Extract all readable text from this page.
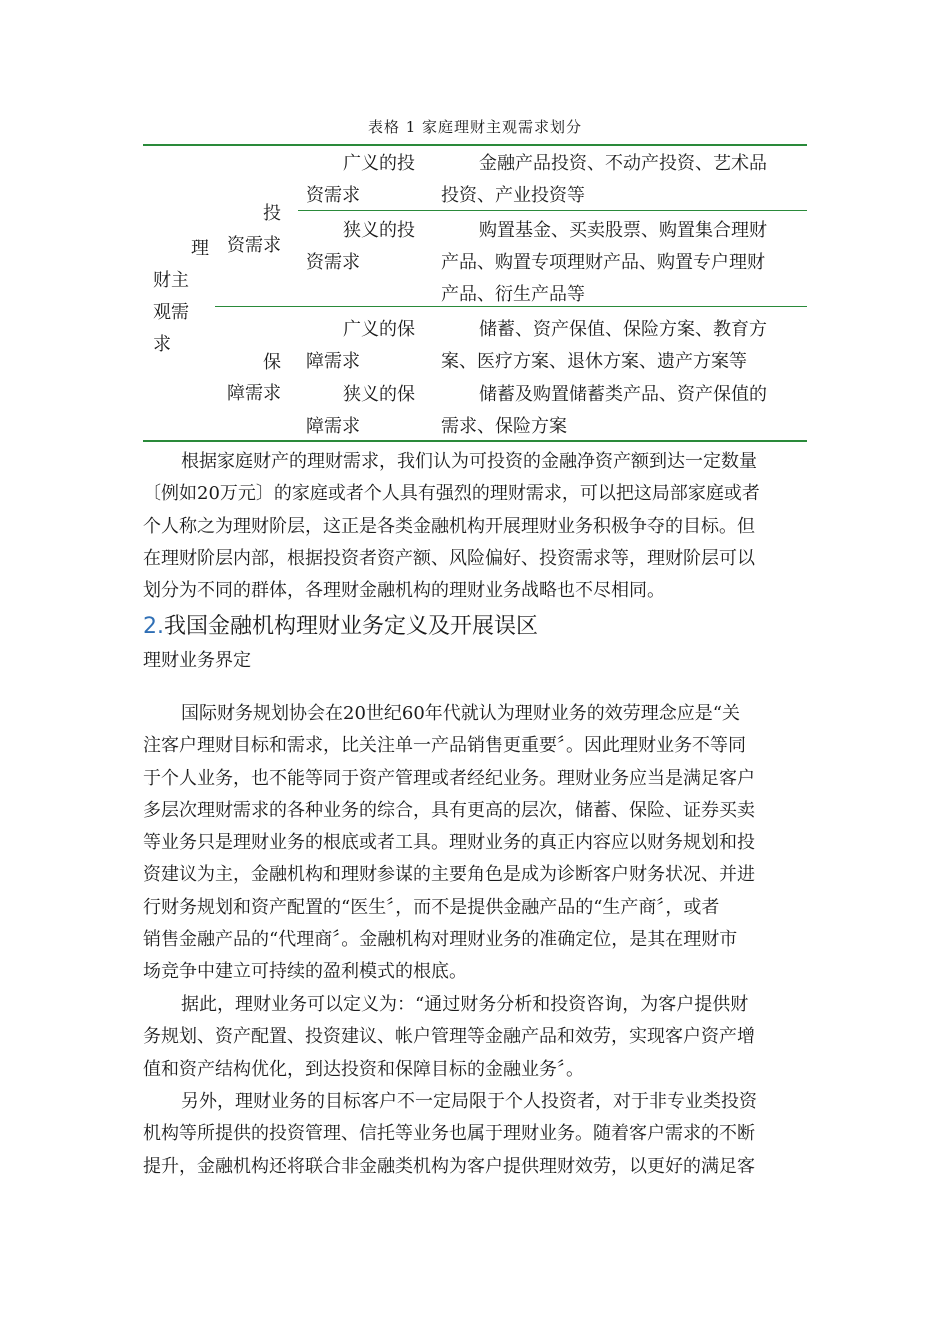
表格 1 家庭理财主观需求划分
理
财主
观需
求
投
资需求
保
障需求
广义的投
资需求
金融产品投资、不动产投资、艺术品
投资、产业投资等
狭义的投
资需求
购置基金、买卖股票、购置集合理财
产品、购置专项理财产品、购置专户理财
产品、衍生产品等
广义的保
障需求
储蓄、资产保值、保险方案、教育方
案、医疗方案、退休方案、遗产方案等
狭义的保
障需求
储蓄及购置储蓄类产品、资产保值的
需求、保险方案
根据家庭财产的理财需求，我们认为可投资的金融净资产额到达一定数量
〔例如20万元〕的家庭或者个人具有强烈的理财需求，可以把这局部家庭或者
个人称之为理财阶层，这正是各类金融机构开展理财业务积极争夺的目标。但
在理财阶层内部，根据投资者资产额、风险偏好、投资需求等，理财阶层可以
划分为不同的群体，各理财金融机构的理财业务战略也不尽相同。
2.我国金融机构理财业务定义及开展误区
理财业务界定
国际财务规划协会在20世纪60年代就认为理财业务的效劳理念应是“关
注客户理财目标和需求，比关注单一产品销售更重要〞。因此理财业务不等同
于个人业务，也不能等同于资产管理或者经纪业务。理财业务应当是满足客户
多层次理财需求的各种业务的综合，具有更高的层次，储蓄、保险、证券买卖
等业务只是理财业务的根底或者工具。理财业务的真正内容应以财务规划和投
资建议为主，金融机构和理财参谋的主要角色是成为诊断客户财务状况、并进
行财务规划和资产配置的“医生〞，而不是提供金融产品的“生产商〞，或者
销售金融产品的“代理商〞。金融机构对理财业务的准确定位，是其在理财市
场竞争中建立可持续的盈利模式的根底。
据此，理财业务可以定义为：“通过财务分析和投资咨询，为客户提供财
务规划、资产配置、投资建议、帐户管理等金融产品和效劳，实现客户资产增
值和资产结构优化，到达投资和保障目标的金融业务〞。
另外，理财业务的目标客户不一定局限于个人投资者，对于非专业类投资
机构等所提供的投资管理、信托等业务也属于理财业务。随着客户需求的不断
提升，金融机构还将联合非金融类机构为客户提供理财效劳，以更好的满足客
